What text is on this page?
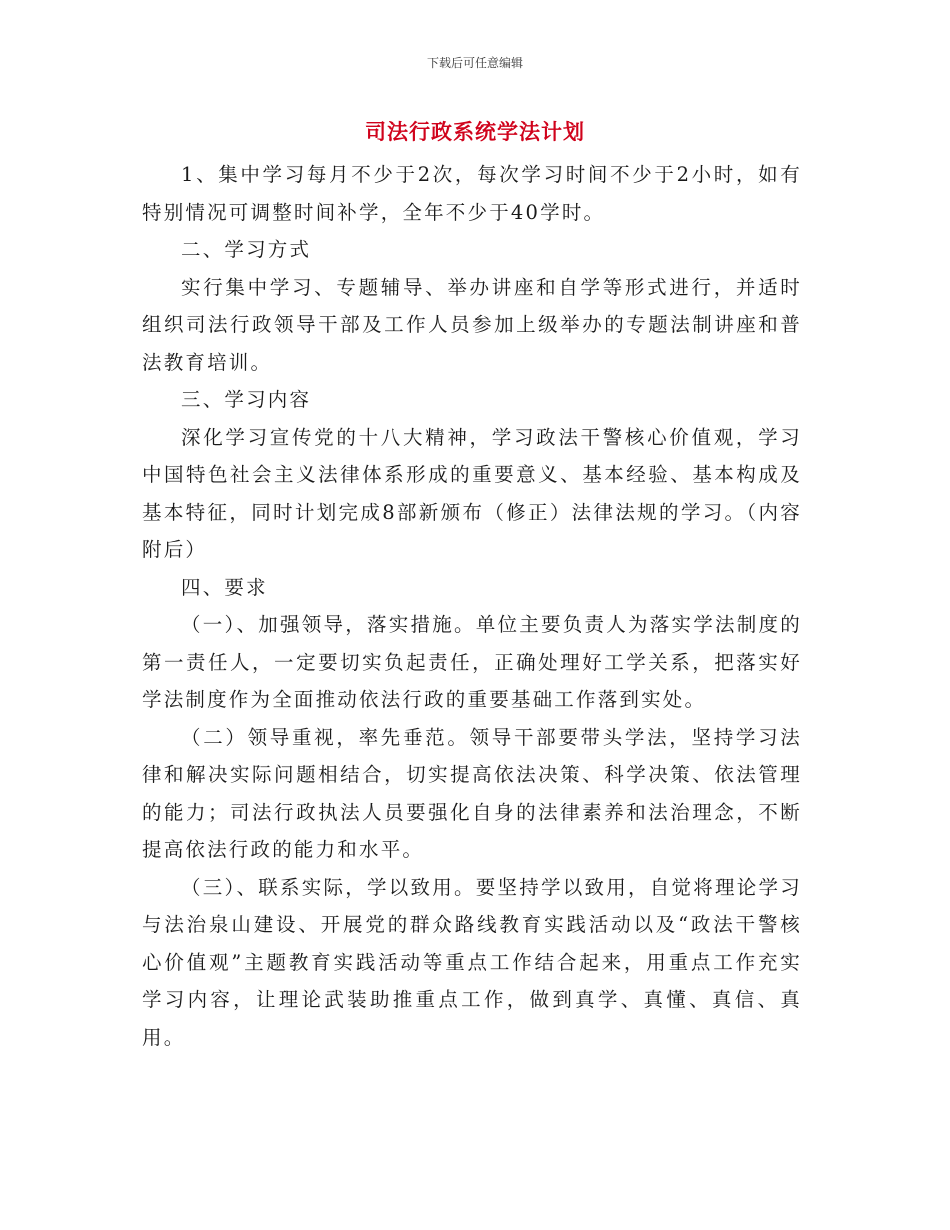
下载后可任意编辑
司法行政系统学法计划

1、集中学习每月不少于2次，每次学习时间不少于2小时，如有特别情况可调整时间补学，全年不少于40学时。

二、学习方式

实行集中学习、专题辅导、举办讲座和自学等形式进行，并适时组织司法行政领导干部及工作人员参加上级举办的专题法制讲座和普法教育培训。

三、学习内容

深化学习宣传党的十八大精神，学习政法干警核心价值观，学习中国特色社会主义法律体系形成的重要意义、基本经验、基本构成及基本特征，同时计划完成8部新颁布（修正）法律法规的学习。（内容附后）

四、要求

（一）、加强领导，落实措施。单位主要负责人为落实学法制度的第一责任人，一定要切实负起责任，正确处理好工学关系，把落实好学法制度作为全面推动依法行政的重要基础工作落到实处。

（二）领导重视，率先垂范。领导干部要带头学法，坚持学习法律和解决实际问题相结合，切实提高依法决策、科学决策、依法管理的能力；司法行政执法人员要强化自身的法律素养和法治理念，不断提高依法行政的能力和水平。

（三）、联系实际，学以致用。要坚持学以致用，自觉将理论学习与法治泉山建设、开展党的群众路线教育实践活动以及“政法干警核心价值观”主题教育实践活动等重点工作结合起来，用重点工作充实学习内容，让理论武装助推重点工作，做到真学、真懂、真信、真用。
